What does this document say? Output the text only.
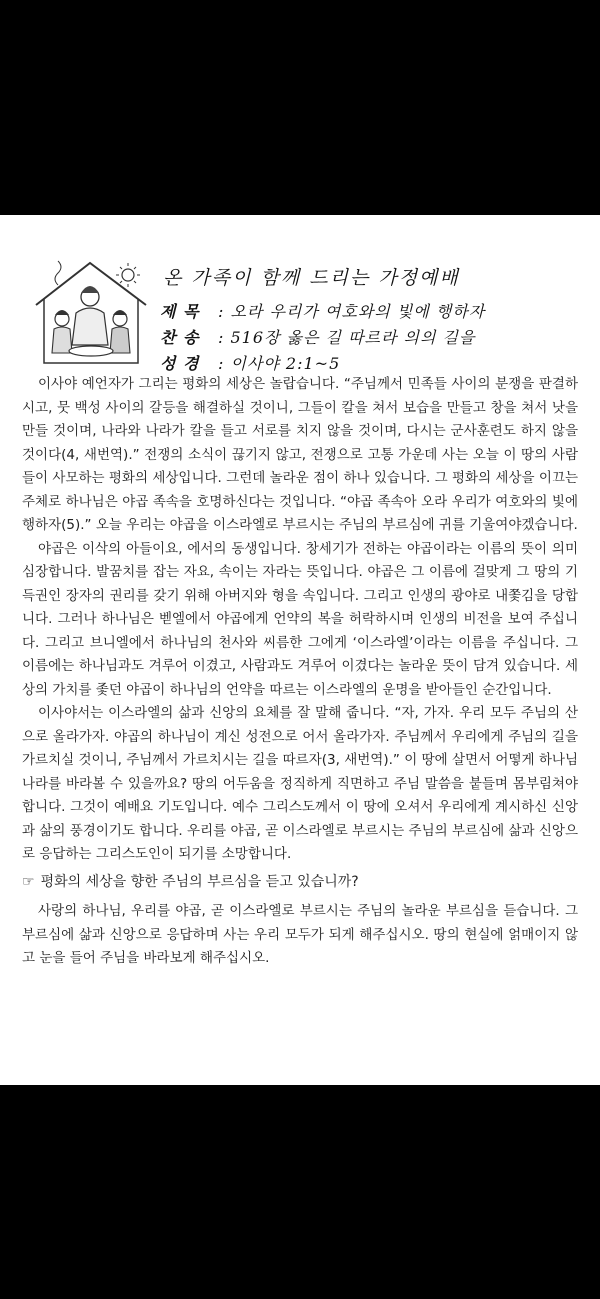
온 가족이 함께 드리는 가정예배
제 목 : 오라 우리가 여호와의 빛에 행하자
찬 송 : 516장 옳은 길 따르라 의의 길을
성 경 : 이사야 2:1~5

이사야 예언자가 그리는 평화의 세상은 놀랍습니다. “주님께서 민족들 사이의 분쟁을 판결하시고, 뭇 백성 사이의 갈등을 해결하실 것이니, 그들이 칼을 쳐서 보습을 만들고 창을 쳐서 낫을 만들 것이며, 나라와 나라가 칼을 들고 서로를 치지 않을 것이며, 다시는 군사훈련도 하지 않을 것이다(4, 새번역).” 전쟁의 소식이 끊기지 않고, 전쟁으로 고통 가운데 사는 오늘 이 땅의 사람들이 사모하는 평화의 세상입니다. 그런데 놀라운 점이 하나 있습니다. 그 평화의 세상을 이끄는 주체로 하나님은 야곱 족속을 호명하신다는 것입니다. “야곱 족속아 오라 우리가 여호와의 빛에 행하자(5).” 오늘 우리는 야곱을 이스라엘로 부르시는 주님의 부르심에 귀를 기울여야겠습니다.

야곱은 이삭의 아들이요, 에서의 동생입니다. 창세기가 전하는 야곱이라는 이름의 뜻이 의미심장합니다. 발꿈치를 잡는 자요, 속이는 자라는 뜻입니다. 야곱은 그 이름에 걸맞게 그 땅의 기득권인 장자의 권리를 갖기 위해 아버지와 형을 속입니다. 그리고 인생의 광야로 내쫓김을 당합니다. 그러나 하나님은 벧엘에서 야곱에게 언약의 복을 허락하시며 인생의 비전을 보여 주십니다. 그리고 브니엘에서 하나님의 천사와 씨름한 그에게 ‘이스라엘’이라는 이름을 주십니다. 그 이름에는 하나님과도 겨루어 이겼고, 사람과도 겨루어 이겼다는 놀라운 뜻이 담겨 있습니다. 세상의 가치를 좇던 야곱이 하나님의 언약을 따르는 이스라엘의 운명을 받아들인 순간입니다.

이사야서는 이스라엘의 삶과 신앙의 요체를 잘 말해 줍니다. “자, 가자. 우리 모두 주님의 산으로 올라가자. 야곱의 하나님이 계신 성전으로 어서 올라가자. 주님께서 우리에게 주님의 길을 가르치실 것이니, 주님께서 가르치시는 길을 따르자(3, 새번역).” 이 땅에 살면서 어떻게 하나님 나라를 바라볼 수 있을까요? 땅의 어두움을 정직하게 직면하고 주님 말씀을 붙들며 몸부림쳐야 합니다. 그것이 예배요 기도입니다. 예수 그리스도께서 이 땅에 오셔서 우리에게 계시하신 신앙과 삶의 풍경이기도 합니다. 우리를 야곱, 곧 이스라엘로 부르시는 주님의 부르심에 삶과 신앙으로 응답하는 그리스도인이 되기를 소망합니다.

☞ 평화의 세상을 향한 주님의 부르심을 듣고 있습니까?

사랑의 하나님, 우리를 야곱, 곧 이스라엘로 부르시는 주님의 놀라운 부르심을 듣습니다. 그 부르심에 삶과 신앙으로 응답하며 사는 우리 모두가 되게 해주십시오. 땅의 현실에 얽매이지 않고 눈을 들어 주님을 바라보게 해주십시오.
